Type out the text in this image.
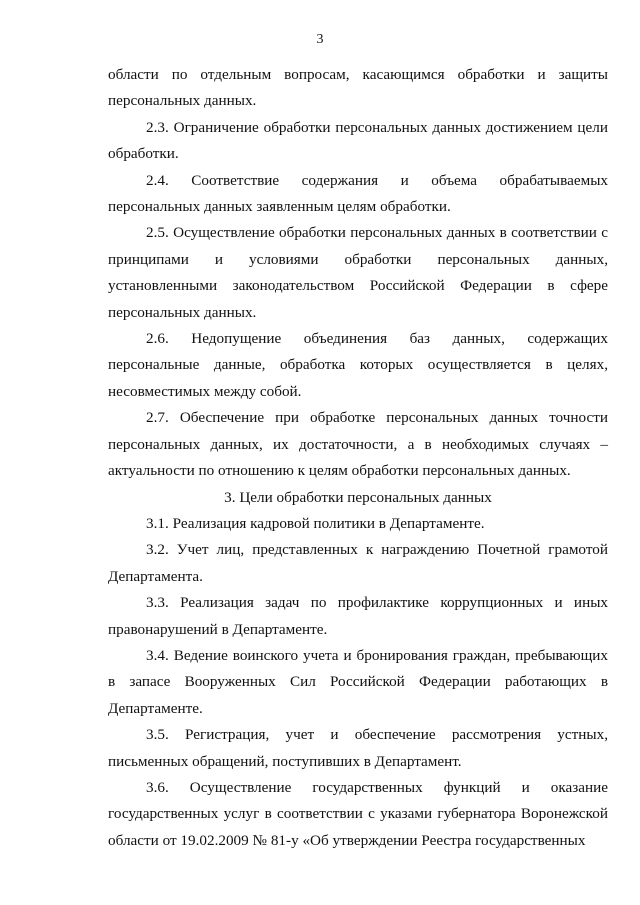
3

области по отдельным вопросам, касающимся обработки и защиты персональных данных.

2.3. Ограничение обработки персональных данных достижением цели обработки.

2.4. Соответствие содержания и объема обрабатываемых персональных данных заявленным целям обработки.

2.5. Осуществление обработки персональных данных в соответствии с принципами и условиями обработки персональных данных, установленными законодательством Российской Федерации в сфере персональных данных.

2.6. Недопущение объединения баз данных, содержащих персональные данные, обработка которых осуществляется в целях, несовместимых между собой.

2.7. Обеспечение при обработке персональных данных точности персональных данных, их достаточности, а в необходимых случаях – актуальности по отношению к целям обработки персональных данных.

3. Цели обработки персональных данных

3.1. Реализация кадровой политики в Департаменте.

3.2. Учет лиц, представленных к награждению Почетной грамотой Департамента.

3.3. Реализация задач по профилактике коррупционных и иных правонарушений в Департаменте.

3.4. Ведение воинского учета и бронирования граждан, пребывающих в запасе Вооруженных Сил Российской Федерации работающих в Департаменте.

3.5. Регистрация, учет и обеспечение рассмотрения устных, письменных обращений, поступивших в Департамент.

3.6. Осуществление государственных функций и оказание государственных услуг в соответствии с указами губернатора Воронежской области от 19.02.2009 № 81-у «Об утверждении Реестра государственных
